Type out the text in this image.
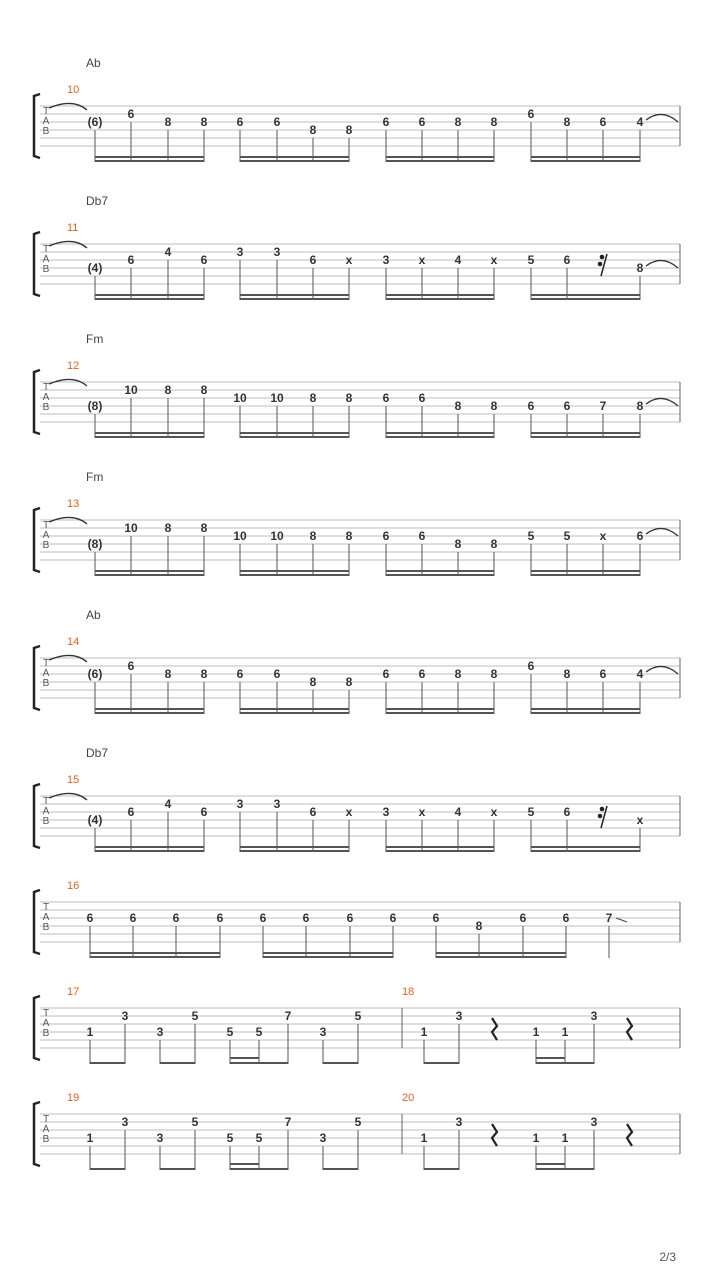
T
A
B
(6)
6
8 8 6	6
8 8
6 6 8 8
6
8 6	4
T
A
B	(4)
6
4
6
3	3
6 x	3 x 4 x	5 6
8
T
A
B	(8)
10 8 8
10 10 8 8	6 6
8 8	6 6 7	8
T
A
B	(8)
10 8 8
10 10 8 8	6 6
8 8
5 5 x	6
T
A
B
(6)
6
8 8 6	6
8 8
6 6 8 8
6
8 6	4
T
A
B	(4)
6
4
6
3	3
6 x	3 x 4 x	5 6
x
T
A
B
6	6	6	6	6	6	6	6	6
8
6	6	7
T
A
B	1
3
3
5
5 5
7
3
5
1
3
1 1
3
T
A
B	1
3
3
5
5 5
7
3
5
1
3
1 1
3
Ab
10
Db7
11
Fm
12
Fm
13
Ab
14
Db7
15
16
17	18
19	20
2/3
